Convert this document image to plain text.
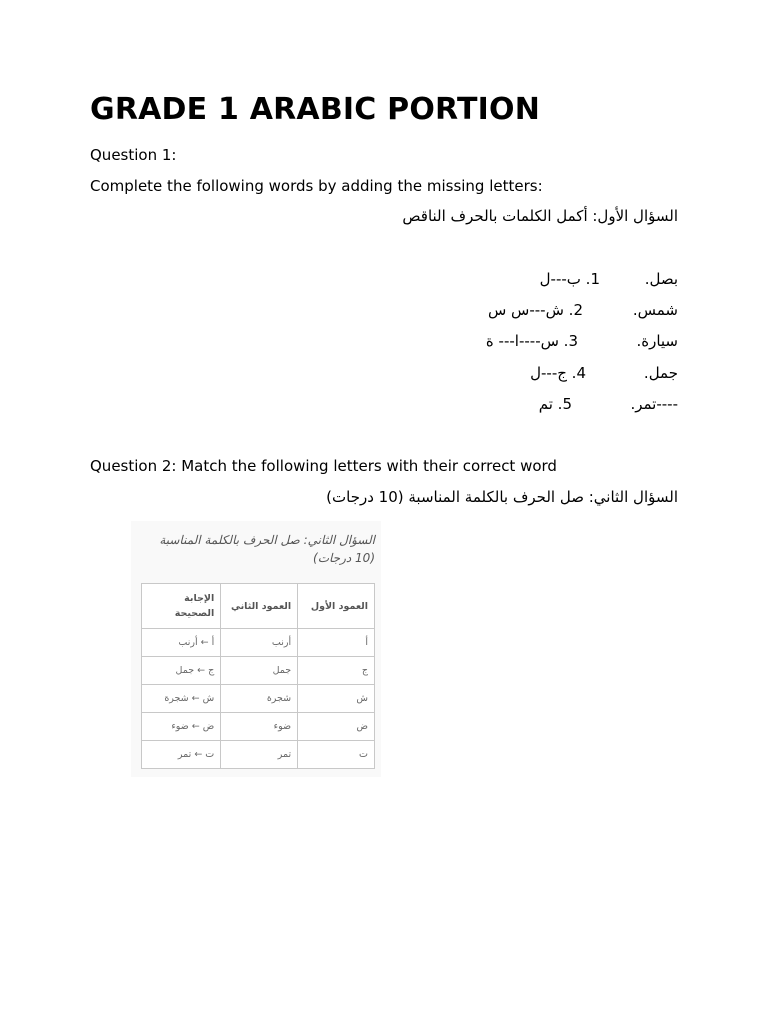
GRADE 1 ARABIC PORTION
Question 1:
Complete the following words by adding the missing letters:
السؤال الأول: أكمل الكلمات بالحرف الناقص
بصل.
1. ب---ل
شمس.
2. ش---س س
سيارة.
3. س----ا--- ة
جمل.
4. ج---ل
----تمر.
5. تم
Question 2: Match the following letters with their correct word
السؤال الثاني: صل الحرف بالكلمة المناسبة (10 درجات)
السؤال الثاني: صل الحرف بالكلمة المناسبة (10 درجات)
العمود الأول	العمود الثاني	الإجابة الصحيحة
أ	أرنب	أ ← أرنب
ج	جمل	ج ← جمل
ش	شجرة	ش ← شجرة
ض	ضوء	ض ← ضوء
ت	تمر	ت ← تمر
